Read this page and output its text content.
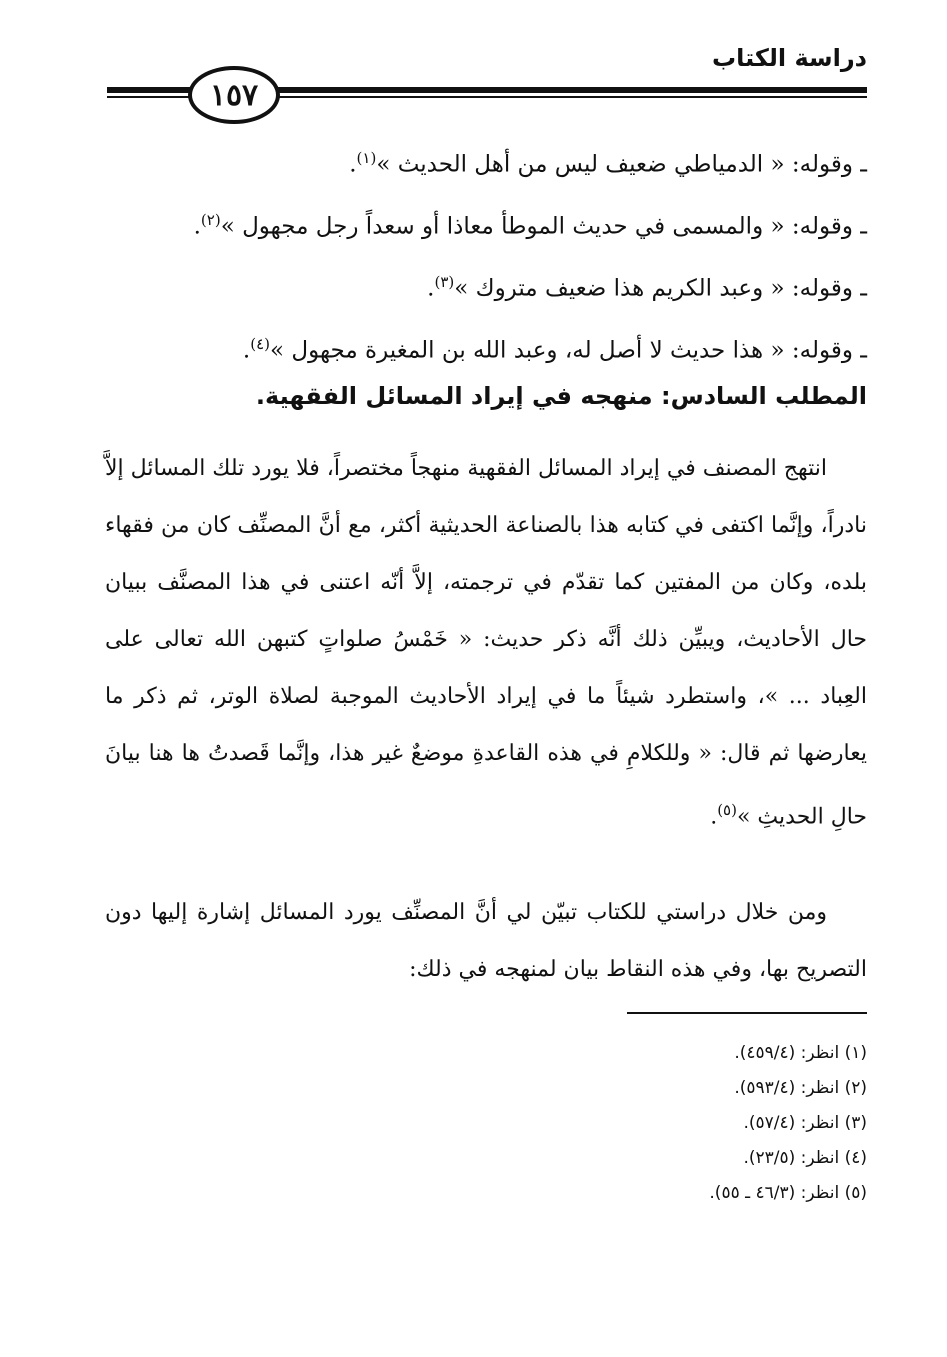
دراسة الكتاب
١٥٧
ـ وقوله: « الدمياطي ضعيف ليس من أهل الحديث »$^{(١)}$.
ـ وقوله: « والمسمى في حديث الموطأ معاذا أو سعداً رجل مجهول »$^{(٢)}$.
ـ وقوله: « وعبد الكريم هذا ضعيف متروك »$^{(٣)}$.
ـ وقوله: « هذا حديث لا أصل له، وعبد الله بن المغيرة مجهول »$^{(٤)}$.
المطلب السادس: منهجه في إيراد المسائل الفقهية.
انتهج المصنف في إيراد المسائل الفقهية منهجاً مختصراً، فلا يورد تلك المسائل إلاَّ نادراً، وإنَّما اكتفى في كتابه هذا بالصناعة الحديثية أكثر، مع أنَّ المصنِّف كان من فقهاء بلده، وكان من المفتين كما تقدّم في ترجمته، إلاَّ أنّه اعتنى في هذا المصنَّف ببيان حال الأحاديث، ويبيِّن ذلك أنَّه ذكر حديث: « خَمْسُ صلواتٍ كتبهن الله تعالى على العِباد ... »، واستطرد شيئاً ما في إيراد الأحاديث الموجبة لصلاة الوتر، ثم ذكر ما يعارضها ثم قال: « وللكلامِ في هذه القاعدةِ موضعٌ غير هذا، وإنَّما قَصدتُ ها هنا بيانَ حالِ الحديثِ »$^{(٥)}$.
ومن خلال دراستي للكتاب تبيّن لي أنَّ المصنِّف يورد المسائل إشارة إليها دون التصريح بها، وفي هذه النقاط بيان لمنهجه في ذلك:
(١) انظر: (٤٥٩/٤).
(٢) انظر: (٥٩٣/٤).
(٣) انظر: (٥٧/٤).
(٤) انظر: (٢٣/٥).
(٥) انظر: (٤٦/٣ ـ ٥٥).
